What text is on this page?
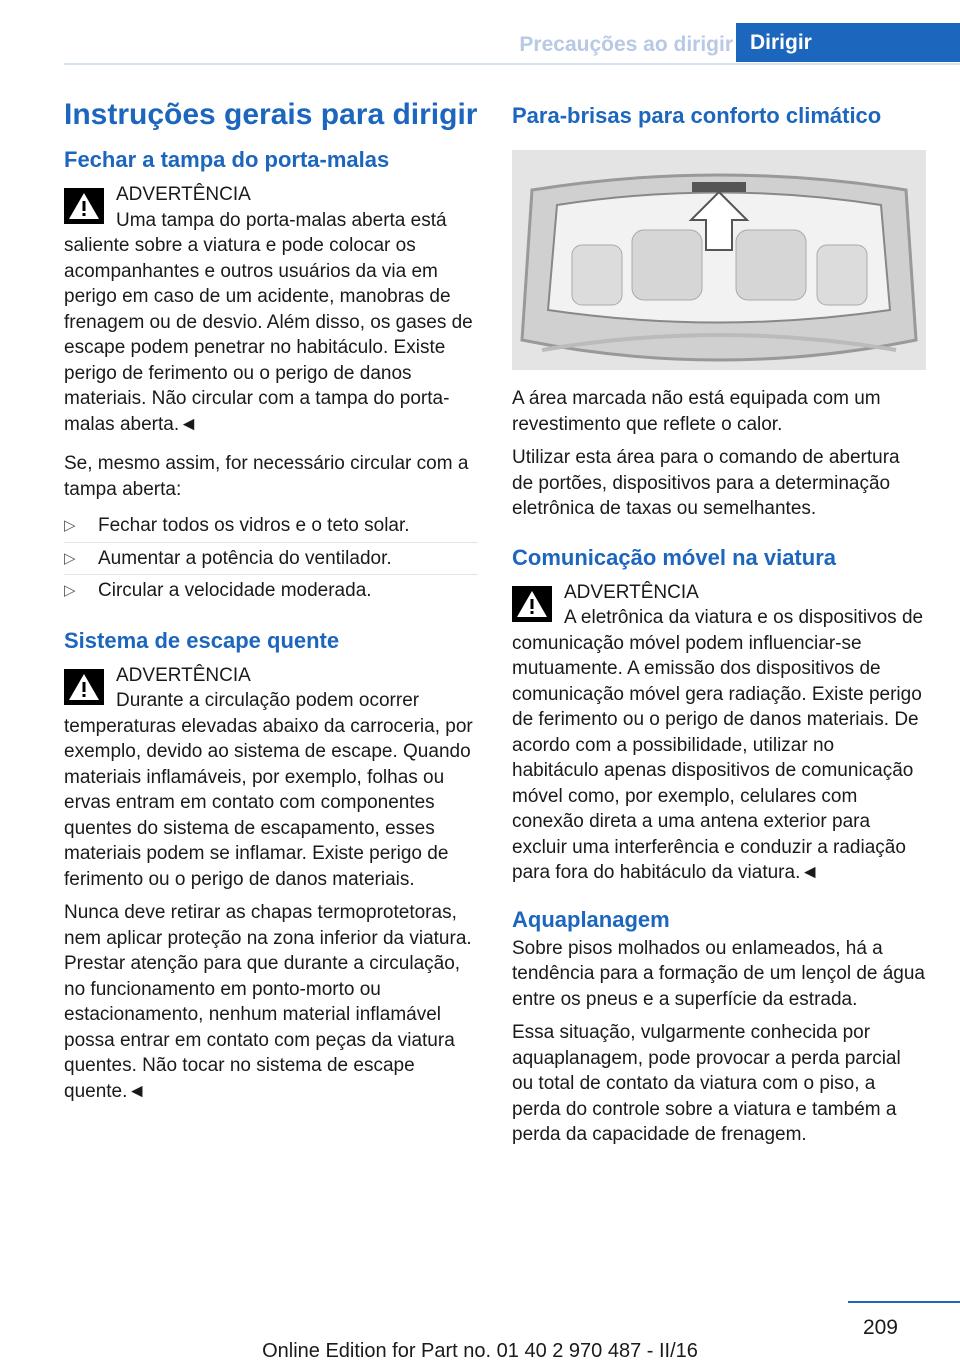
Precauções ao dirigir Dirigir
Instruções gerais para dirigir
Fechar a tampa do porta-malas
ADVERTÊNCIA
Uma tampa do porta-malas aberta está saliente sobre a viatura e pode colocar os acompanhantes e outros usuários da via em perigo em caso de um acidente, manobras de frenagem ou de desvio. Além disso, os gases de escape podem penetrar no habitáculo. Existe perigo de ferimento ou o perigo de danos materiais. Não circular com a tampa do porta-malas aberta.◄

Se, mesmo assim, for necessário circular com a tampa aberta:

▷ Fechar todos os vidros e o teto solar.
▷ Aumentar a potência do ventilador.
▷ Circular a velocidade moderada.
Sistema de escape quente
ADVERTÊNCIA
Durante a circulação podem ocorrer temperaturas elevadas abaixo da carroceria, por exemplo, devido ao sistema de escape. Quando materiais inflamáveis, por exemplo, folhas ou ervas entram em contato com componentes quentes do sistema de escapamento, esses materiais podem se inflamar. Existe perigo de ferimento ou o perigo de danos materiais.

Nunca deve retirar as chapas termoprotetoras, nem aplicar proteção na zona inferior da viatura. Prestar atenção para que durante a circulação, no funcionamento em ponto-morto ou estacionamento, nenhum material inflamável possa entrar em contato com peças da viatura quentes. Não tocar no sistema de escape quente.◄

Para-brisas para conforto climático

A área marcada não está equipada com um revestimento que reflete o calor.

Utilizar esta área para o comando de abertura de portões, dispositivos para a determinação eletrônica de taxas ou semelhantes.

Comunicação móvel na viatura
ADVERTÊNCIA
A eletrônica da viatura e os dispositivos de comunicação móvel podem influenciar-se mutuamente. A emissão dos dispositivos de comunicação móvel gera radiação. Existe perigo de ferimento ou o perigo de danos materiais. De acordo com a possibilidade, utilizar no habitáculo apenas dispositivos de comunicação móvel como, por exemplo, celulares com conexão direta a uma antena exterior para excluir uma interferência e conduzir a radiação para fora do habitáculo da viatura.◄
Aquaplanagem

Sobre pisos molhados ou enlameados, há a tendência para a formação de um lençol de água entre os pneus e a superfície da estrada.

Essa situação, vulgarmente conhecida por aquaplanagem, pode provocar a perda parcial ou total de contato da viatura com o piso, a perda do controle sobre a viatura e também a perda da capacidade de frenagem.

209
Online Edition for Part no. 01 40 2 970 487 - II/16
